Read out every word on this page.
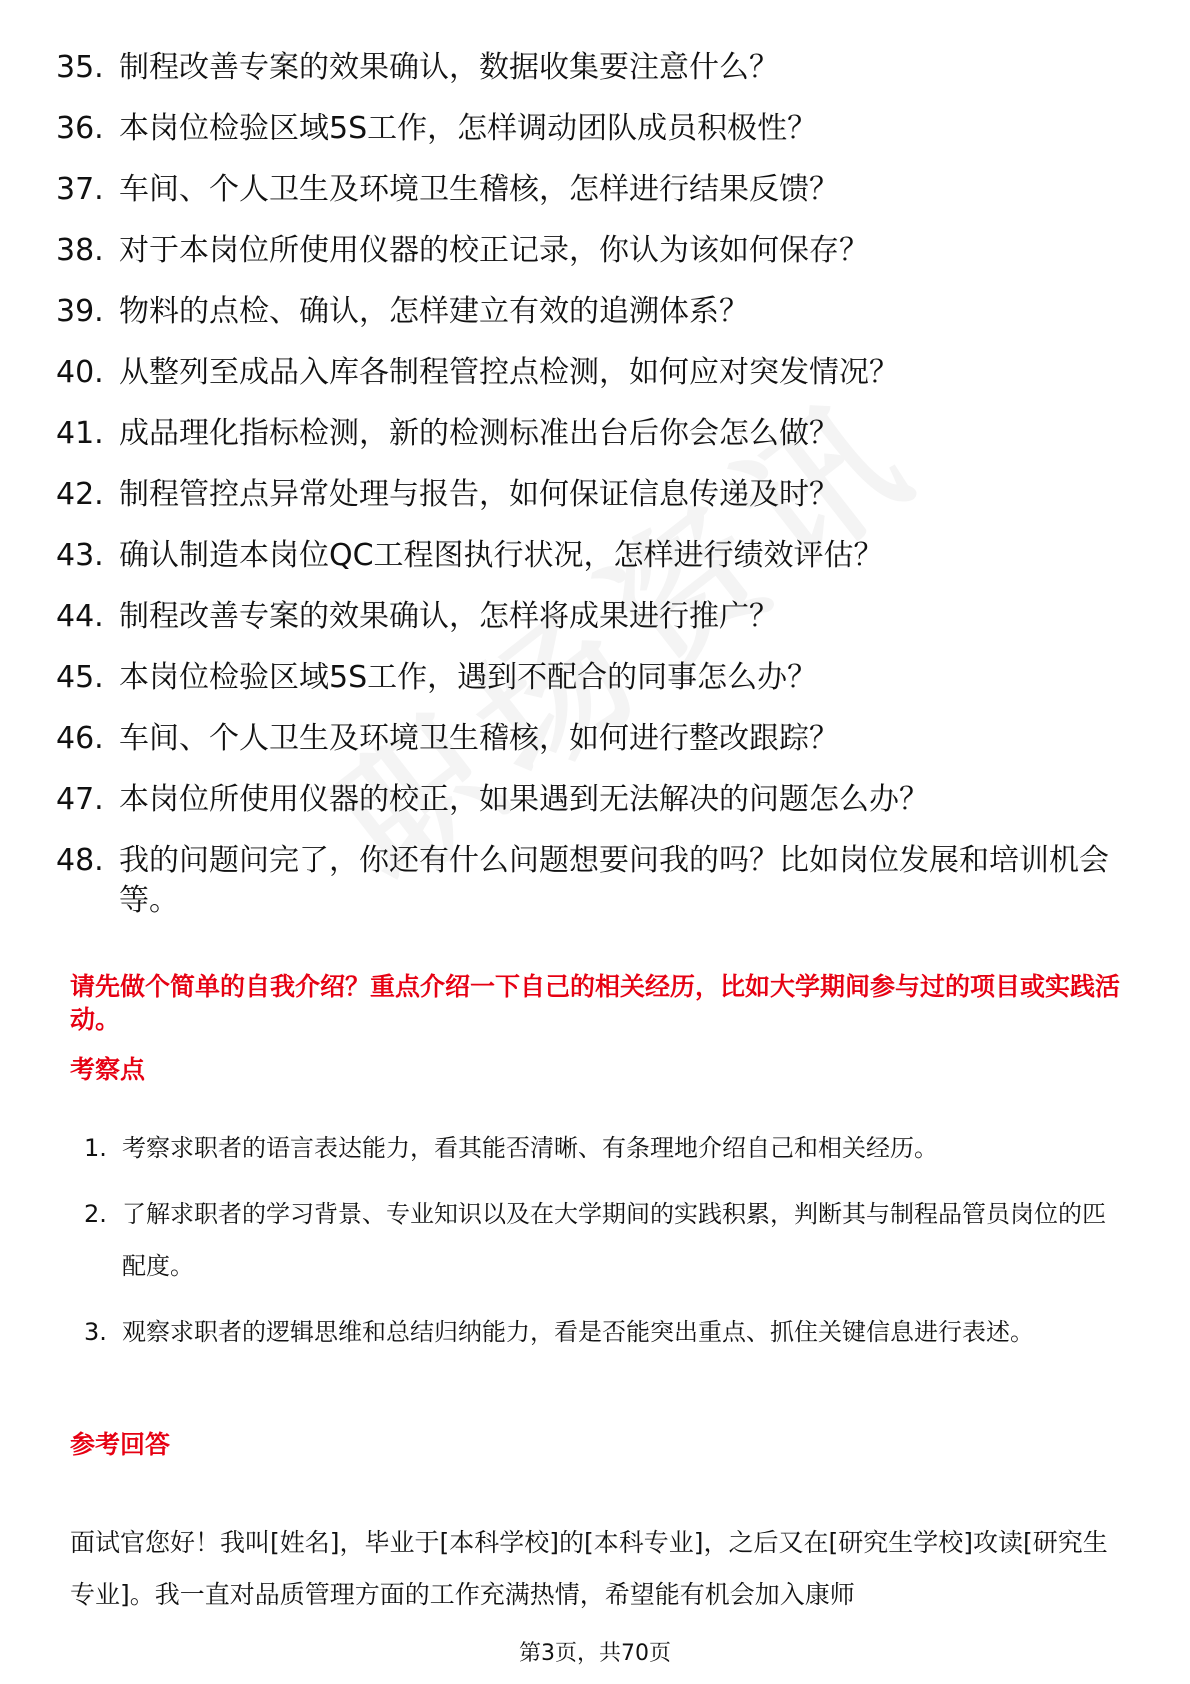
35. 制程改善专案的效果确认，数据收集要注意什么？
36. 本岗位检验区域5S工作，怎样调动团队成员积极性？
37. 车间、个人卫生及环境卫生稽核，怎样进行结果反馈？
38. 对于本岗位所使用仪器的校正记录，你认为该如何保存？
39. 物料的点检、确认，怎样建立有效的追溯体系？
40. 从整列至成品入库各制程管控点检测，如何应对突发情况？
41. 成品理化指标检测，新的检测标准出台后你会怎么做？
42. 制程管控点异常处理与报告，如何保证信息传递及时？
43. 确认制造本岗位QC工程图执行状况，怎样进行绩效评估？
44. 制程改善专案的效果确认，怎样将成果进行推广？
45. 本岗位检验区域5S工作，遇到不配合的同事怎么办？
46. 车间、个人卫生及环境卫生稽核，如何进行整改跟踪？
47. 本岗位所使用仪器的校正，如果遇到无法解决的问题怎么办？
48. 我的问题问完了，你还有什么问题想要问我的吗？比如岗位发展和培训机会等。
请先做个简单的自我介绍？重点介绍一下自己的相关经历，比如大学期间参与过的项目或实践活动。
考察点
1. 考察求职者的语言表达能力，看其能否清晰、有条理地介绍自己和相关经历。
2. 了解求职者的学习背景、专业知识以及在大学期间的实践积累，判断其与制程品管员岗位的匹配度。
3. 观察求职者的逻辑思维和总结归纳能力，看是否能突出重点、抓住关键信息进行表述。
参考回答
面试官您好！我叫[姓名]，毕业于[本科学校]的[本科专业]，之后又在[研究生学校]攻读[研究生专业]。我一直对品质管理方面的工作充满热情，希望能有机会加入康师
第3页，共70页
